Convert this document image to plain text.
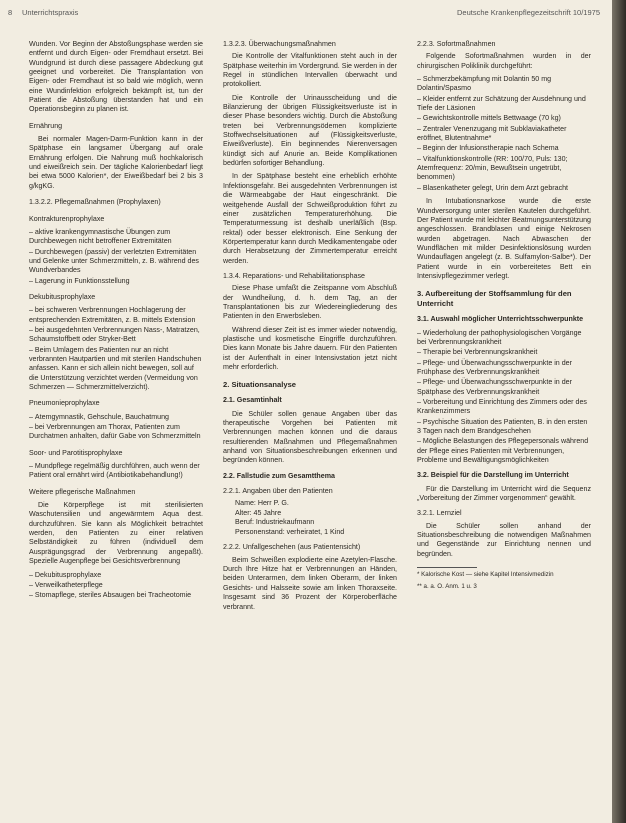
8 Unterrichtspraxis	Deutsche Krankenpflegezeitschrift 10/1975

Wunden. Vor Beginn der Abstoßungsphase werden sie entfernt und durch Eigen- oder Fremdhaut ersetzt. Bei Wundgrund ist durch diese passagere Abdeckung gut geeignet und vorbereitet. Die Transplantation von Eigen- oder Fremdhaut ist so bald wie möglich, wenn eine Wundinfektion erfolgreich bekämpft ist, tun der Patient die Abstoßung überstanden hat und ein Operationsbeginn zu planen ist.

Ernährung

Bei normaler Magen-Darm-Funktion kann in der Spätphase ein langsamer Übergang auf orale Ernährung erfolgen. Die Nahrung muß hochkalorisch und eiweißreich sein. Der tägliche Kalorienbedarf liegt bei etwa 5000 Kalorien*, der Eiweißbedarf bei 2 bis 3 g/kgKG.

1.3.2.2. Pflegemaßnahmen (Prophylaxen)
Kontrakturenprophylaxe
– aktive krankengymnastische Übungen zum Durchbewegen nicht betroffener Extremitäten
– Durchbewegen (passiv) der verletzten Extremitäten und Gelenke unter Schmerzmitteln, z. B. während des Wundverbandes
– Lagerung in Funktionsstellung
Dekubitusprophylaxe
– bei schweren Verbrennungen Hochlagerung der entsprechenden Extremitäten, z. B. mittels Extension
– bei ausgedehnten Verbrennungen Nass-, Matratzen, Schaumstoffbett oder Stryker-Bett
– Beim Umlagern des Patienten nur an nicht verbrannten Hautpartien und mit sterilen Handschuhen anfassen. Kann er sich allein nicht bewegen, soll auf die Unterstützung verzichtet werden (Vermeidung von Schmerzen — Schmerzmittelverzicht).
Pneumonieprophylaxe
– Atemgymnastik, Gehschule, Bauchatmung
– bei Verbrennungen am Thorax, Patienten zum Durchatmen anhalten, dafür Gabe von Schmerzmitteln
Soor- und Parotitisprophylaxe
– Mundpflege regelmäßig durchführen, auch wenn der Patient oral ernährt wird (Antibiotikabehandlung!)
Weitere pflegerische Maßnahmen

Die Körperpflege ist mit sterilisierten Waschutensilien und angewärmtem Aqua dest. durchzuführen. Sie kann als Möglichkeit betrachtet werden, den Patienten zu einer relativen Selbständigkeit zu führen (individuell dem Ausprägungsgrad der Verbrennung angepaßt). Spezielle Augenpflege bei Gesichtsverbrennung

– Dekubitusprophylaxe
– Verweilkatheterpflege
– Stomapflege, steriles Absaugen bei Tracheotomie
1.3.2.3. Überwachungsmaßnahmen

Die Kontrolle der Vitalfunktionen steht auch in der Spätphase weiterhin im Vordergrund. Sie werden in der Regel in stündlichen Intervallen überwacht und protokolliert.

Die Kontrolle der Urinausscheidung und die Bilanzierung der übrigen Flüssigkeitsverluste ist in dieser Phase besonders wichtig. Durch die Abstoßung treten bei Verbrennungsödemen komplizierte Stoffwechselsituationen auf (Flüssigkeitsverluste, Eiweißverluste). Ein beginnendes Nierenversagen kündigt sich auf Anurie an. Beide Komplikationen bedürfen sofortiger Behandlung.

In der Spätphase besteht eine erheblich erhöhte Infektionsgefahr. Bei ausgedehnten Verbrennungen ist die Wärmeabgabe der Haut eingeschränkt. Die weitgehende Ausfall der Schweißproduktion führt zu einer zusätzlichen Temperaturerhöhung. Die Temperaturmessung ist deshalb unerläßlich (Bsp. rektal) oder besser elektronisch. Eine Senkung der Körpertemperatur kann durch Medikamentengabe oder durch Herabsetzung der Zimmertemperatur erreicht werden.

1.3.4. Reparations- und Rehabilitationsphase

Diese Phase umfaßt die Zeitspanne vom Abschluß der Wundheilung, d. h. dem Tag, an der Transplantationen bis zur Wiedereingliederung des Patienten in den Erwerbsleben.

Während dieser Zeit ist es immer wieder notwendig, plastische und kosmetische Eingriffe durchzuführen. Dies kann Monate bis Jahre dauern. Für den Patienten ist der Aufenthalt in einer Intensivstation jetzt nicht mehr erforderlich.

2. Situationsanalyse
2.1. Gesamtinhalt

Die Schüler sollen genaue Angaben über das therapeutische Vorgehen bei Patienten mit Verbrennungen machen können und die daraus resultierenden Maßnahmen und Pflegemaßnahmen anhand von Situationsbeschreibungen erkennen und begründen können.

2.2. Fallstudie zum Gesamtthema
2.2.1. Angaben über den Patienten
Name: Herr P. G.
Alter: 45 Jahre
Beruf: Industriekaufmann
Personenstand: verheiratet, 1 Kind
2.2.2. Unfallgeschehen (aus Patientensicht)

Beim Schweißen explodierte eine Azetylen-Flasche. Durch Ihre Hitze hat er Verbrennungen an Händen, beiden Unterarmen, dem linken Oberarm, der linken Gesichts- und Halsseite sowie am linken Thoraxseite. Insgesamt sind 36 Prozent der Körperoberfläche verbrannt.

2.2.3. Sofortmaßnahmen

Folgende Sofortmaßnahmen wurden in der chirurgischen Poliklinik durchgeführt:

– Schmerzbekämpfung mit Dolantin 50 mg Dolantin/Spasmo
– Kleider entfernt zur Schätzung der Ausdehnung und Tiefe der Läsionen
– Gewichtskontrolle mittels Bettwaage (70 kg)
– Zentraler Venenzugang mit Subklaviakatheter eröffnet, Blutentnahme*
– Beginn der Infusionstherapie nach Schema
– Vitalfunktionskontrolle (RR: 100/70, Puls: 130; Atemfrequenz: 20/min, Bewußtsein ungetrübt, benommen)
– Blasenkatheter gelegt, Urin dem Arzt gebracht

In Intubationsnarkose wurde die erste Wundversorgung unter sterilen Kautelen durchgeführt. Der Patient wurde mit leichter Beatmungsunterstützung angeschlossen. Brandblasen und einige Nekrosen wurden abgetragen. Nach Abwaschen der Wundflächen mit milder Desinfektionslösung wurden Wundauflagen angelegt (z. B. Sulfamylon-Salbe*). Der Patient wurde in ein vorbereitetes Bett ein Intensivpflegezimmer verlegt.

3. Aufbereitung der Stoffsammlung für den Unterricht
3.1. Auswahl möglicher Unterrichtsschwerpunkte
– Wiederholung der pathophysiologischen Vorgänge bei Verbrennungskrankheit
– Therapie bei Verbrennungskrankheit
– Pflege- und Überwachungsschwerpunkte in der Frühphase des Verbrennungskrankheit
– Pflege- und Überwachungsschwerpunkte in der Spätphase des Verbrennungskrankheit
– Vorbereitung und Einrichtung des Zimmers oder des Krankenzimmers
– Psychische Situation des Patienten, B. in den ersten 3 Tagen nach dem Brandgeschehen
– Mögliche Belastungen des Pflegepersonals während der Pflege eines Patienten mit Verbrennungen, Probleme und Bewältigungsmöglichkeiten
3.2. Beispiel für die Darstellung im Unterricht

Für die Darstellung im Unterricht wird die Sequenz „Vorbereitung der Zimmer vorgenommen“ gewählt.

3.2.1. Lernziel

Die Schüler sollen anhand der Situationsbeschreibung die notwendigen Maßnahmen und Gegenstände zur Einrichtung nennen und begründen.

* Kalorische Kost — siehe Kapitel Intensivmedizin

** a. a. O. Anm. 1 u. 3
